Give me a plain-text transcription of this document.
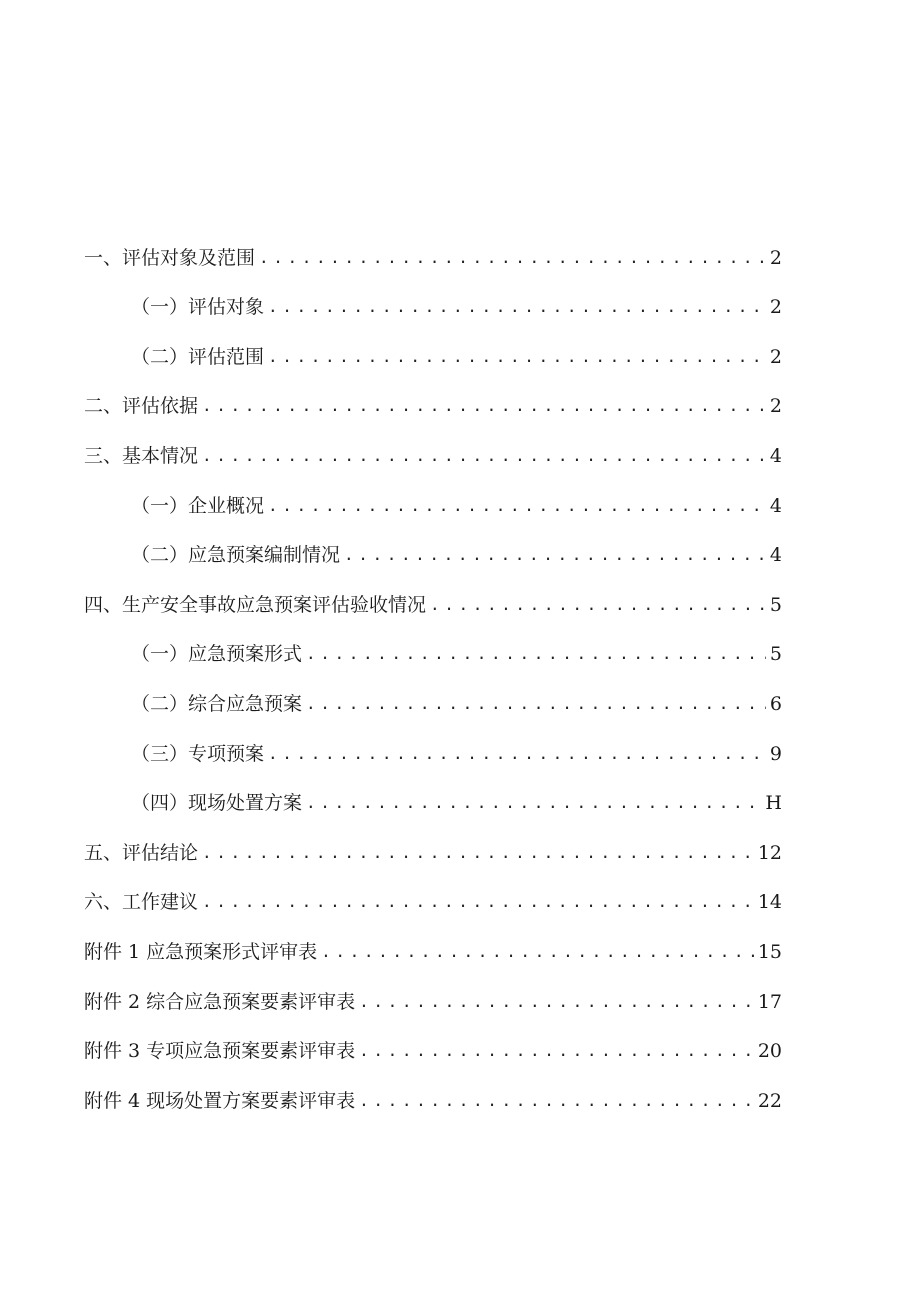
一、评估对象及范围 .....	2
（一）评估对象 .....	2
（二）评估范围 .....	2
二、评估依据 .....	2
三、基本情况 .....	4
（一）企业概况 .....	4
（二）应急预案编制情况 .....	4
四、生产安全事故应急预案评估验收情况 .....	5
（一）应急预案形式 .....	5
（二）综合应急预案 .....	6
（三）专项预案 .....	9
（四）现场处置方案 .....	H
五、评估结论 .....	12
六、工作建议 .....	14
附件 1 应急预案形式评审表 .....	15
附件 2 综合应急预案要素评审表 .....	17
附件 3 专项应急预案要素评审表 .....	20
附件 4 现场处置方案要素评审表 .....	22
